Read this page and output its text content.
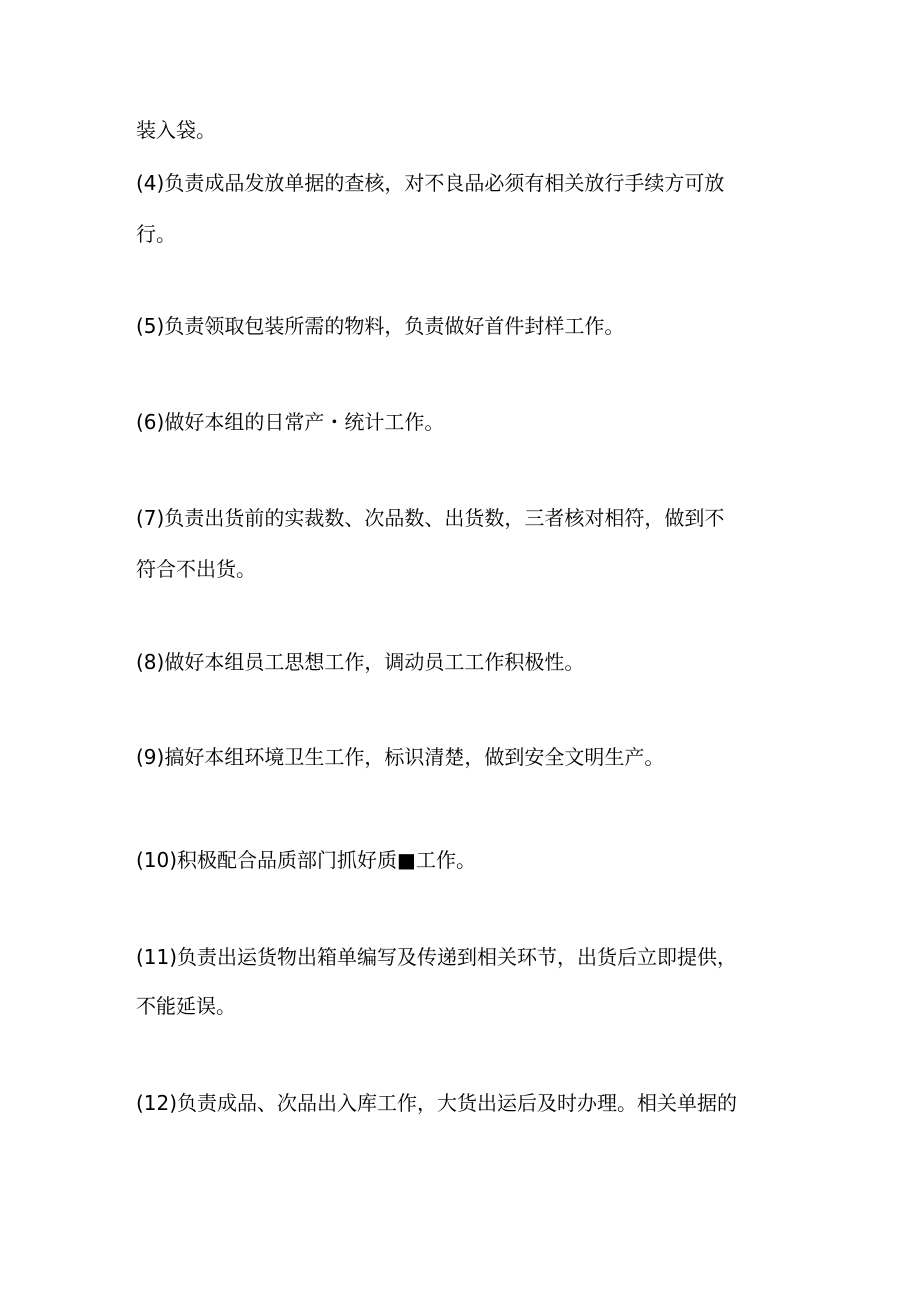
装入袋。
(4)负责成品发放单据的查核，对不良品必须有相关放行手续方可放
行。
(5)负责领取包装所需的物料，负责做好首件封样工作。
(6)做好本组的日常产・统计工作。
(7)负责出货前的实裁数、次品数、出货数，三者核对相符，做到不
符合不出货。
(8)做好本组员工思想工作，调动员工工作积极性。
(9)搞好本组环境卫生工作，标识清楚，做到安全文明生产。
(10)积极配合品质部门抓好质■工作。
(11)负责出运货物出箱单编写及传递到相关环节，出货后立即提供，
不能延误。
(12)负责成品、次品出入库工作，大货出运后及时办理。相关单据的
